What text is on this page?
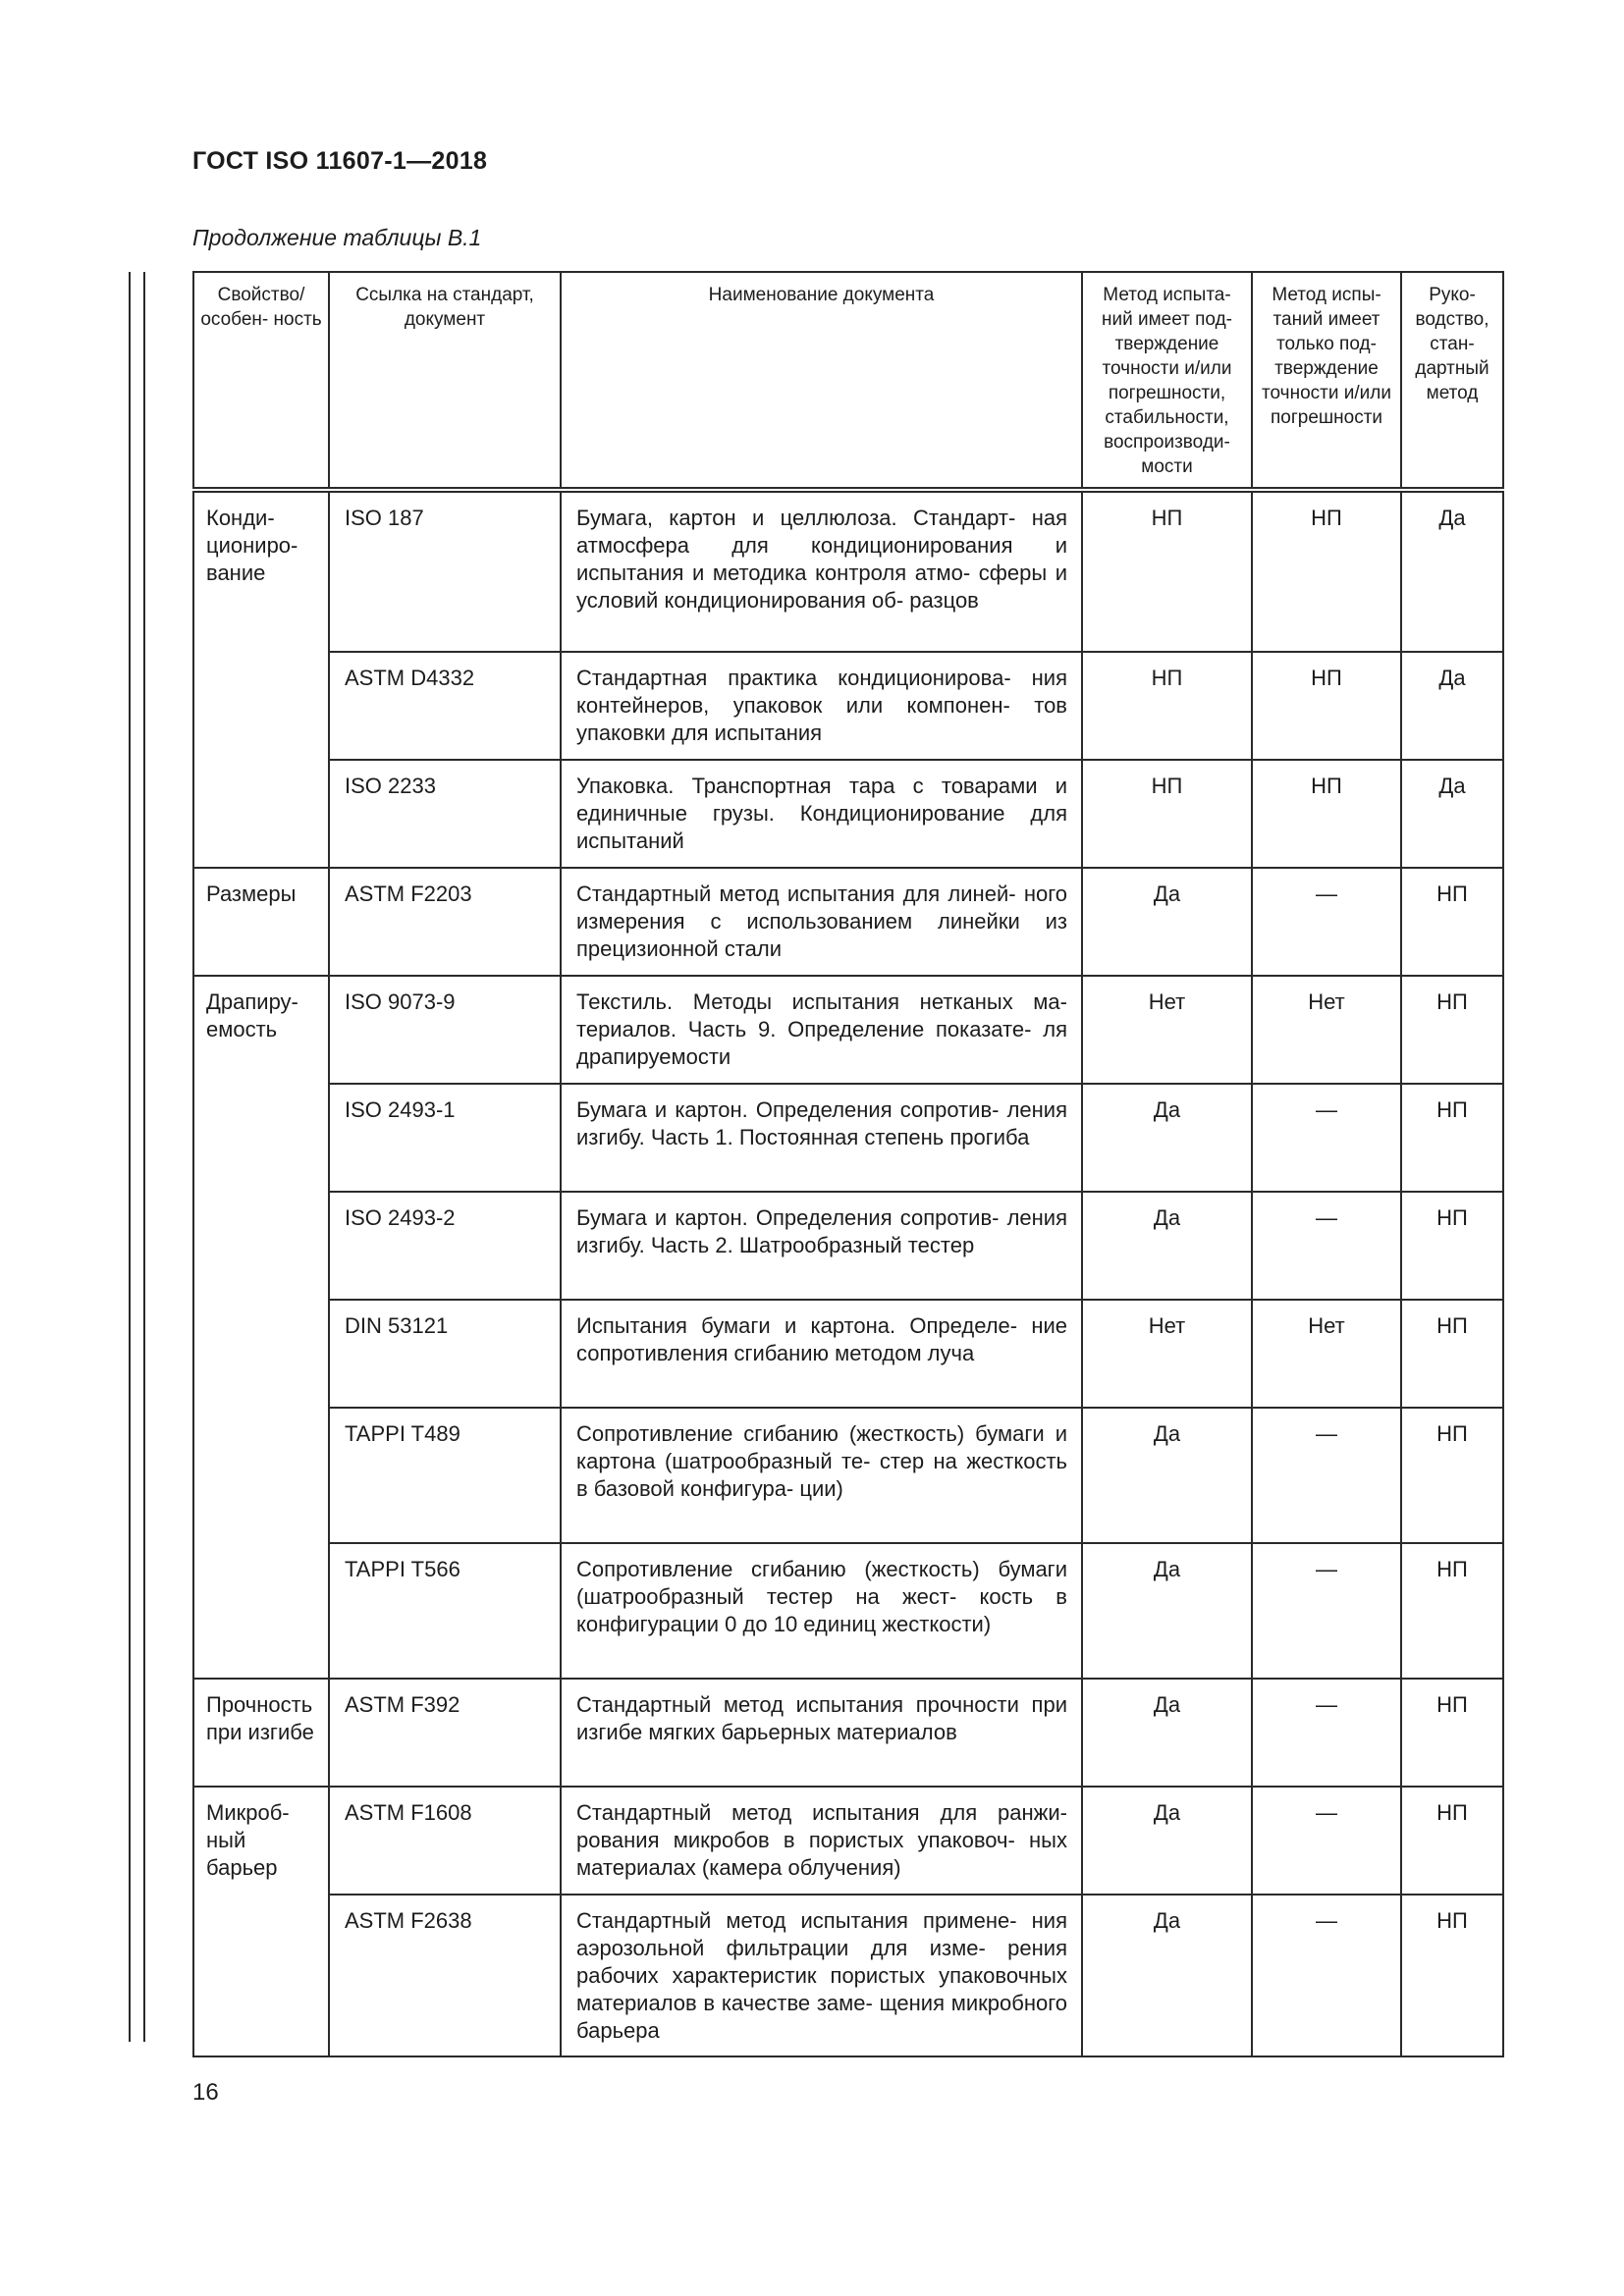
ГОСТ ISO 11607-1—2018
Продолжение таблицы B.1
Свойство/ особен- ность	Ссылка на стандарт, документ	Наименование документа	Метод испыта- ний имеет под- тверждение точности и/или погрешности, стабильности, воспроизводи- мости	Метод испы- таний имеет только под- тверждение точности и/или погрешности	Руко- водство, стан- дартный метод
Конди- циониро- вание	ISO 187	Бумага, картон и целлюлоза. Стандарт- ная атмосфера для кондиционирования и испытания и методика контроля атмо- сферы и условий кондиционирования об- разцов	НП	НП	Да
	ASTM D4332	Стандартная практика кондиционирова- ния контейнеров, упаковок или компонен- тов упаковки для испытания	НП	НП	Да
	ISO 2233	Упаковка. Транспортная тара с товарами и единичные грузы. Кондиционирование для испытаний	НП	НП	Да
Размеры	ASTM F2203	Стандартный метод испытания для линей- ного измерения с использованием линейки из прецизионной стали	Да	—	НП
Драпиру- емость	ISO 9073-9	Текстиль. Методы испытания нетканых ма- териалов. Часть 9. Определение показате- ля драпируемости	Нет	Нет	НП
	ISO 2493-1	Бумага и картон. Определения сопротив- ления изгибу. Часть 1. Постоянная степень прогиба	Да	—	НП
	ISO 2493-2	Бумага и картон. Определения сопротив- ления изгибу. Часть 2. Шатрообразный тестер	Да	—	НП
	DIN 53121	Испытания бумаги и картона. Определе- ние сопротивления сгибанию методом луча	Нет	Нет	НП
	TAPPI T489	Сопротивление сгибанию (жесткость) бумаги и картона (шатрообразный те- стер на жесткость в базовой конфигура- ции)	Да	—	НП
	TAPPI T566	Сопротивление сгибанию (жесткость) бумаги (шатрообразный тестер на жест- кость в конфигурации 0 до 10 единиц жесткости)	Да	—	НП
Прочность при изгибе	ASTM F392	Стандартный метод испытания прочности при изгибе мягких барьерных материалов	Да	—	НП
Микроб- ный барьер	ASTM F1608	Стандартный метод испытания для ранжи- рования микробов в пористых упаковоч- ных материалах (камера облучения)	Да	—	НП
	ASTM F2638	Стандартный метод испытания примене- ния аэрозольной фильтрации для изме- рения рабочих характеристик пористых упаковочных материалов в качестве заме- щения микробного барьера	Да	—	НП
16
